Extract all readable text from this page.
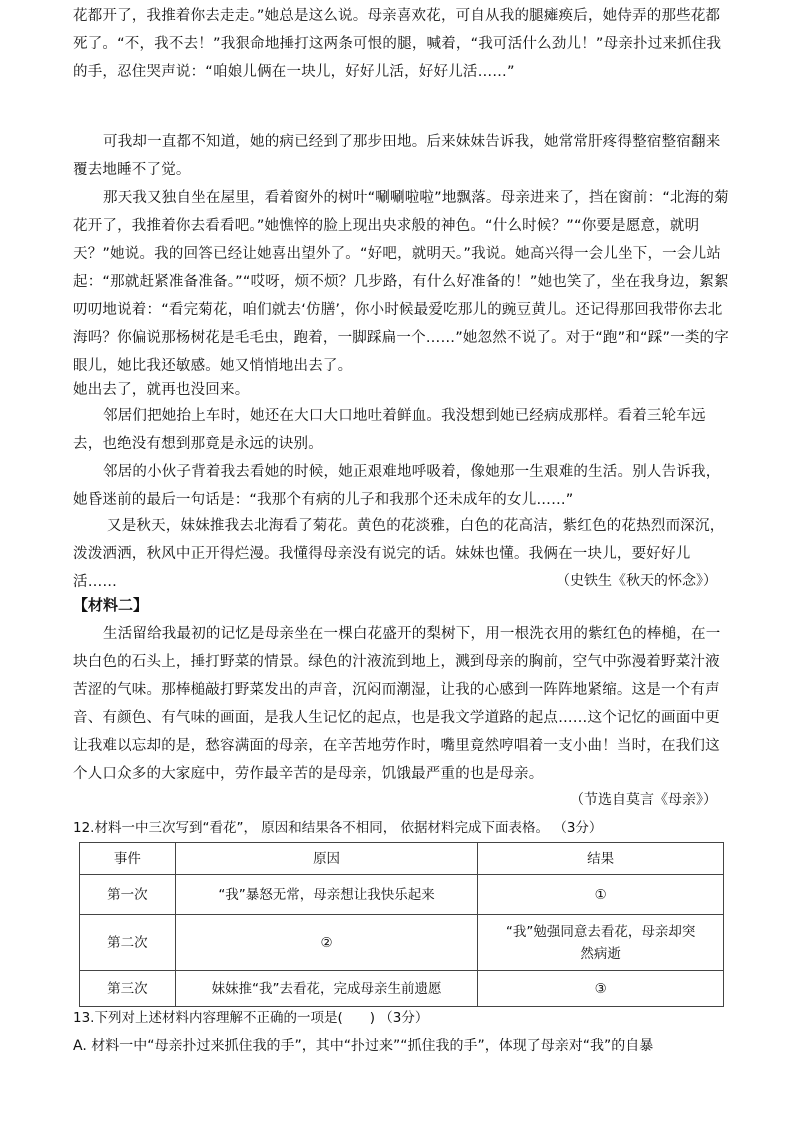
花都开了，我推着你去走走。”她总是这么说。母亲喜欢花，可自从我的腿瘫痪后，她侍弄的那些花都死了。“不，我不去！”我狠命地捶打这两条可恨的腿，喊着，“我可活什么劲儿！”母亲扑过来抓住我的手，忍住哭声说：“咱娘儿俩在一块儿，好好儿活，好好儿活……”
可我却一直都不知道，她的病已经到了那步田地。后来妹妹告诉我，她常常肝疼得整宿整宿翻来覆去地睡不了觉。
那天我又独自坐在屋里，看着窗外的树叶“唰唰啦啦”地飘落。母亲进来了，挡在窗前：“北海的菊花开了，我推着你去看看吧。”她憔悴的脸上现出央求般的神色。“什么时候？”“你要是愿意，就明天？”她说。我的回答已经让她喜出望外了。“好吧，就明天。”我说。她高兴得一会儿坐下，一会儿站起：“那就赶紧准备准备。”“哎呀，烦不烦？几步路，有什么好准备的！”她也笑了，坐在我身边，絮絮叨叨地说着：“看完菊花，咱们就去‘仿膳’，你小时候最爱吃那儿的豌豆黄儿。还记得那回我带你去北海吗？你偏说那杨树花是毛毛虫，跑着，一脚踩扁一个……”她忽然不说了。对于“跑”和“踩”一类的字眼儿，她比我还敏感。她又悄悄地出去了。
她出去了，就再也没回来。
邻居们把她抬上车时，她还在大口大口地吐着鲜血。我没想到她已经病成那样。看着三轮车远去，也绝没有想到那竟是永远的诀别。
邻居的小伙子背着我去看她的时候，她正艰难地呼吸着，像她那一生艰难的生活。别人告诉我，她昏迷前的最后一句话是：“我那个有病的儿子和我那个还未成年的女儿……”
又是秋天，妹妹推我去北海看了菊花。黄色的花淡雅，白色的花高洁，紫红色的花热烈而深沉，泼泼洒洒，秋风中正开得烂漫。我懂得母亲没有说完的话。妹妹也懂。我俩在一块儿，要好好儿活……	（史铁生《秋天的怀念》）
【材料二】
生活留给我最初的记忆是母亲坐在一棵白花盛开的梨树下，用一根洗衣用的紫红色的棒槌，在一块白色的石头上，捶打野菜的情景。绿色的汁液流到地上，溅到母亲的胸前，空气中弥漫着野菜汁液苦涩的气味。那棒槌敲打野菜发出的声音，沉闷而潮湿，让我的心感到一阵阵地紧缩。这是一个有声音、有颜色、有气味的画面，是我人生记忆的起点，也是我文学道路的起点……这个记忆的画面中更让我难以忘却的是，愁容满面的母亲，在辛苦地劳作时，嘴里竟然哼唱着一支小曲！当时，在我们这个人口众多的大家庭中，劳作最辛苦的是母亲，饥饿最严重的也是母亲。
（节选自莫言《母亲》）
12.材料一中三次写到“看花”， 原因和结果各不相同， 依据材料完成下面表格。 （3分）
事件	原因	结果
第一次	“我”暴怒无常，母亲想让我快乐起来	①
第二次	②	“我”勉强同意去看花，母亲却突然病逝
第三次	妹妹推“我”去看花，完成母亲生前遗愿	③
13.下列对上述材料内容理解不正确的一项是(　　) （3分）
A. 材料一中“母亲扑过来抓住我的手”，其中“扑过来”“抓住我的手”，体现了母亲对“我”的自暴
